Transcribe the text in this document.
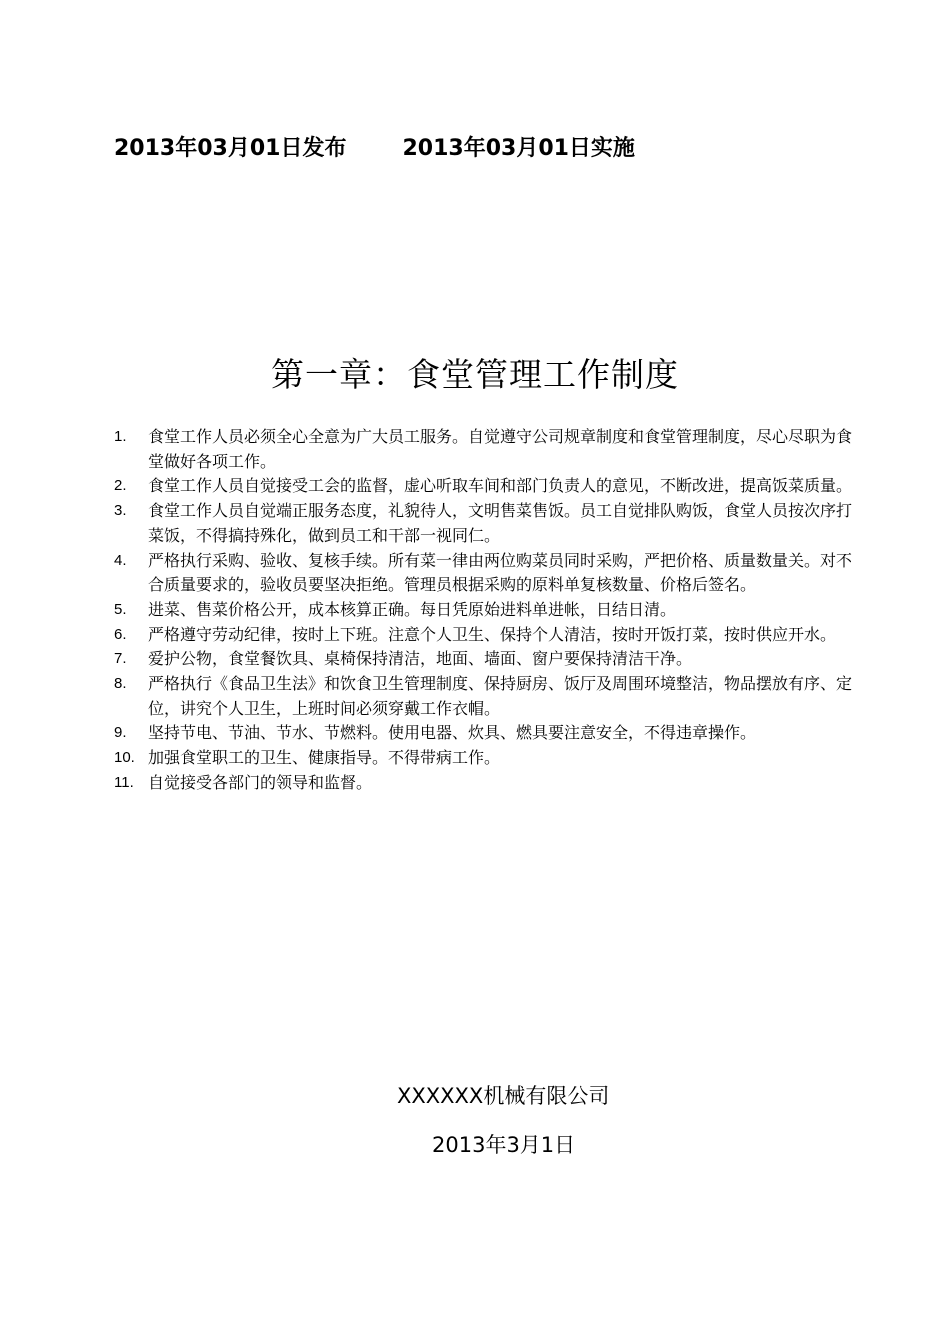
2013年03月01日发布	2013年03月01日实施
第一章：食堂管理工作制度
1. 食堂工作人员必须全心全意为广大员工服务。自觉遵守公司规章制度和食堂管理制度，尽心尽职为食堂做好各项工作。
2. 食堂工作人员自觉接受工会的监督，虚心听取车间和部门负责人的意见，不断改进，提高饭菜质量。
3. 食堂工作人员自觉端正服务态度，礼貌待人，文明售菜售饭。员工自觉排队购饭，食堂人员按次序打菜饭，不得搞持殊化，做到员工和干部一视同仁。
4. 严格执行采购、验收、复核手续。所有菜一律由两位购菜员同时采购，严把价格、质量数量关。对不合质量要求的，验收员要坚决拒绝。管理员根据采购的原料单复核数量、价格后签名。
5. 进菜、售菜价格公开，成本核算正确。每日凭原始进料单进帐，日结日清。
6. 严格遵守劳动纪律，按时上下班。注意个人卫生、保持个人清洁，按时开饭打菜，按时供应开水。
7. 爱护公物，食堂餐饮具、桌椅保持清洁，地面、墙面、窗户要保持清洁干净。
8. 严格执行《食品卫生法》和饮食卫生管理制度、保持厨房、饭厅及周围环境整洁，物品摆放有序、定位，讲究个人卫生，上班时间必须穿戴工作衣帽。
9. 坚持节电、节油、节水、节燃料。使用电器、炊具、燃具要注意安全，不得违章操作。
10. 加强食堂职工的卫生、健康指导。不得带病工作。
11. 自觉接受各部门的领导和监督。
XXXXXX机械有限公司
2013年3月1日
